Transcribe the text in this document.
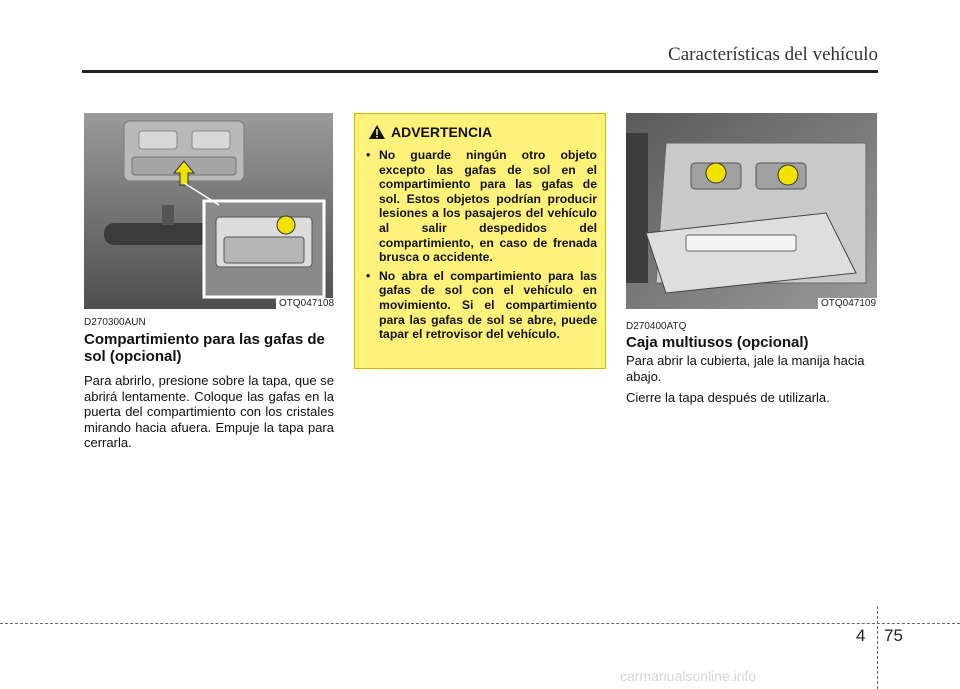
Características del vehículo
OTQ047108
D270300AUN
Compartimiento para las gafas de sol (opcional)
Para abrirlo, presione sobre la tapa, que se abrirá lentamente. Coloque las gafas en la puerta del compartimiento con los cristales mirando hacia afuera. Empuje la tapa para cerrarla.
ADVERTENCIA
• No guarde ningún otro objeto excepto las gafas de sol en el compartimiento para las gafas de sol. Estos objetos podrían producir lesiones a los pasajeros del vehículo al salir despedidos del compartimiento, en caso de frenada brusca o accidente.
• No abra el compartimiento para las gafas de sol con el vehículo en movimiento. Si el compartimiento para las gafas de sol se abre, puede tapar el retrovisor del vehículo.
OTQ047109
D270400ATQ
Caja multiusos (opcional)

Para abrir la cubierta, jale la manija hacia abajo.

Cierre la tapa después de utilizarla.

4 75
carmanualsonline.info
